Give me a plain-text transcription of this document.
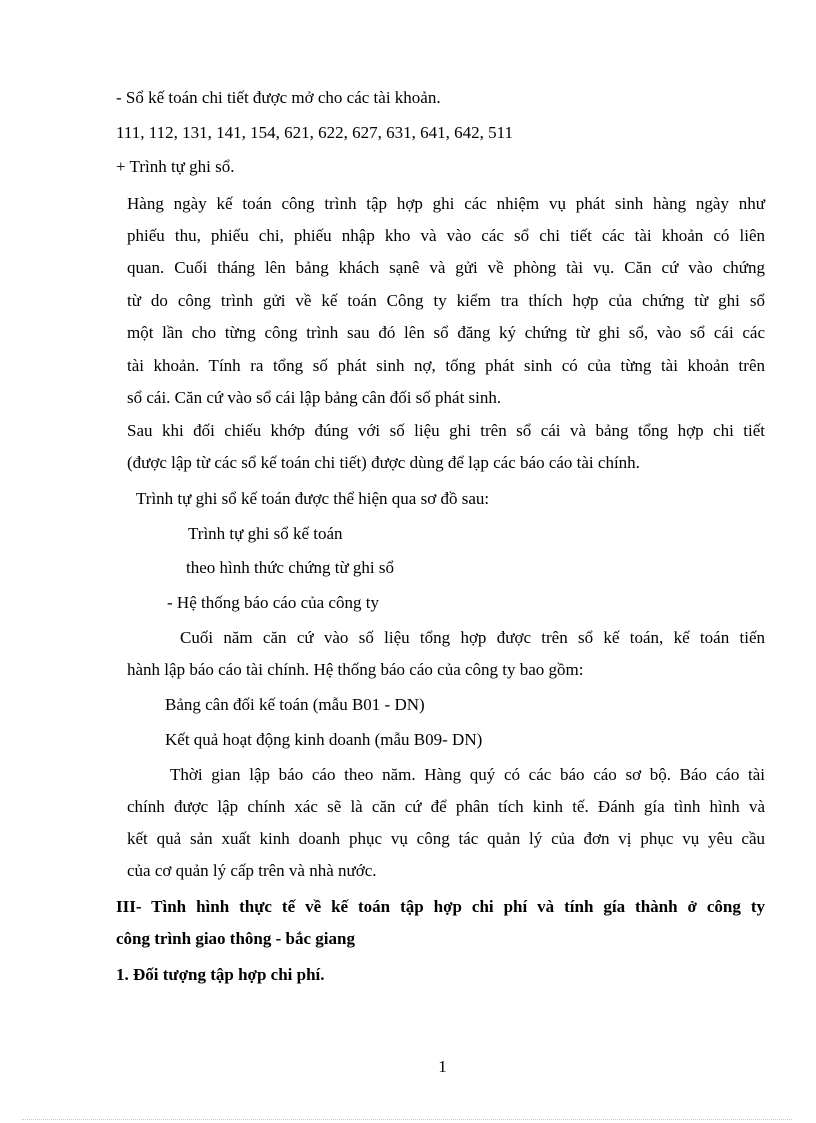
- Sổ kế toán chi tiết được mở cho các tài khoản.
111, 112, 131, 141, 154, 621, 622, 627, 631, 641, 642, 511
+ Trình tự ghi sổ.
Hàng ngày kế toán công trình tập hợp ghi các nhiệm vụ phát sinh hàng ngày như
phiếu thu, phiếu chi, phiếu nhập kho và vào các sổ chi tiết các tài khoản có liên
quan. Cuối tháng lên bảng khách sạnê và gửi về phòng tài vụ. Căn cứ vào chứng
từ do công trình gửi về kế toán Công ty kiểm tra thích hợp của chứng từ ghi sổ
một lần cho từng công trình sau đó lên sổ đăng ký chứng từ ghi sổ, vào sổ cái các
tài khoản. Tính ra tổng số phát sinh nợ, tổng phát sinh có của từng tài khoản trên
sổ cái. Căn cứ vào sổ cái lập bảng cân đối số phát sinh.
Sau khi đối chiếu khớp đúng với số liệu ghi trên sổ cái và bảng tổng hợp chi tiết
(được lập từ các sổ kế toán chi tiết) được dùng để lạp các báo cáo tài chính.
Trình tự ghi sổ kế toán được thể hiện qua sơ đồ sau:
Trình tự ghi sổ kế toán
theo hình thức chứng từ ghi sổ
- Hệ thống báo cáo của công ty
Cuối năm căn cứ vào số liệu tổng hợp được trên sổ kế toán, kế toán tiến
hành lập báo cáo tài chính. Hệ thống báo cáo của công ty bao gồm:
Bảng cân đối kế toán (mẫu B01 - DN)
Kết quả hoạt động kinh doanh (mẫu B09- DN)
Thời gian lập báo cáo theo năm. Hàng quý có các báo cáo sơ bộ. Báo cáo tài
chính được lập chính xác sẽ là căn cứ để phân tích kinh tế. Đánh gía tình hình và
kết quả sản xuất kinh doanh phục vụ công tác quản lý của đơn vị phục vụ yêu cầu
của cơ quản lý cấp trên và nhà nước.
III- Tình hình thực tế về kế toán tập hợp chi phí và tính gía thành ở công ty
công trình giao thông - bắc giang
1. Đối tượng tập hợp chi phí.
1
